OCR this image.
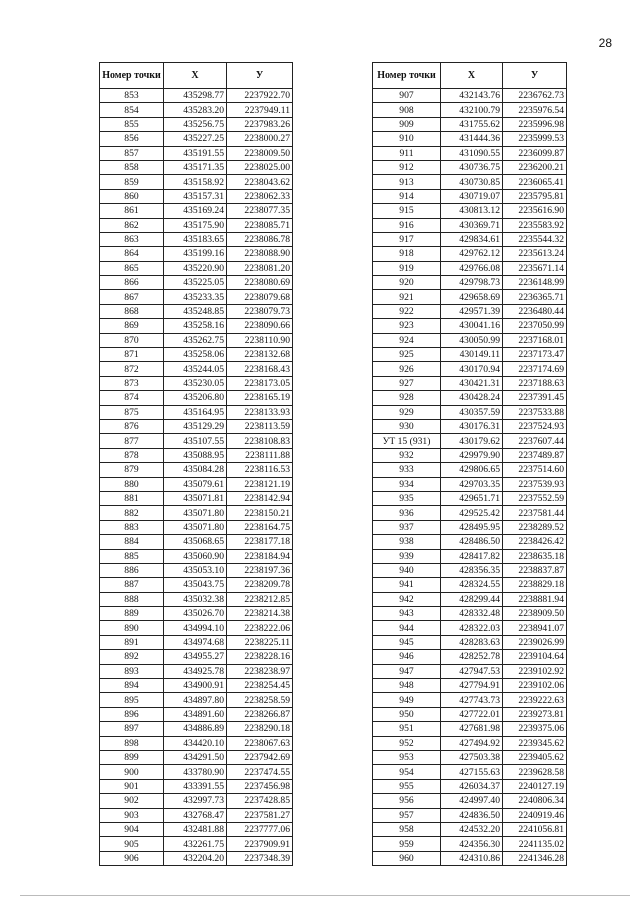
28
Номер точки	X	У
853	435298.77	2237922.70
854	435283.20	2237949.11
855	435256.75	2237983.26
856	435227.25	2238000.27
857	435191.55	2238009.50
858	435171.35	2238025.00
859	435158.92	2238043.62
860	435157.31	2238062.33
861	435169.24	2238077.35
862	435175.90	2238085.71
863	435183.65	2238086.78
864	435199.16	2238088.90
865	435220.90	2238081.20
866	435225.05	2238080.69
867	435233.35	2238079.68
868	435248.85	2238079.73
869	435258.16	2238090.66
870	435262.75	2238110.90
871	435258.06	2238132.68
872	435244.05	2238168.43
873	435230.05	2238173.05
874	435206.80	2238165.19
875	435164.95	2238133.93
876	435129.29	2238113.59
877	435107.55	2238108.83
878	435088.95	2238111.88
879	435084.28	2238116.53
880	435079.61	2238121.19
881	435071.81	2238142.94
882	435071.80	2238150.21
883	435071.80	2238164.75
884	435068.65	2238177.18
885	435060.90	2238184.94
886	435053.10	2238197.36
887	435043.75	2238209.78
888	435032.38	2238212.85
889	435026.70	2238214.38
890	434994.10	2238222.06
891	434974.68	2238225.11
892	434955.27	2238228.16
893	434925.78	2238238.97
894	434900.91	2238254.45
895	434897.80	2238258.59
896	434891.60	2238266.87
897	434886.89	2238290.18
898	434420.10	2238067.63
899	434291.50	2237942.69
900	433780.90	2237474.55
901	433391.55	2237456.98
902	432997.73	2237428.85
903	432768.47	2237581.27
904	432481.88	2237777.06
905	432261.75	2237909.91
906	432204.20	2237348.39
Номер точки	X	У
907	432143.76	2236762.73
908	432100.79	2235976.54
909	431755.62	2235996.98
910	431444.36	2235999.53
911	431090.55	2236099.87
912	430736.75	2236200.21
913	430730.85	2236065.41
914	430719.07	2235795.81
915	430813.12	2235616.90
916	430369.71	2235583.92
917	429834.61	2235544.32
918	429762.12	2235613.24
919	429766.08	2235671.14
920	429798.73	2236148.99
921	429658.69	2236365.71
922	429571.39	2236480.44
923	430041.16	2237050.99
924	430050.99	2237168.01
925	430149.11	2237173.47
926	430170.94	2237174.69
927	430421.31	2237188.63
928	430428.24	2237391.45
929	430357.59	2237533.88
930	430176.31	2237524.93
УТ 15 (931)	430179.62	2237607.44
932	429979.90	2237489.87
933	429806.65	2237514.60
934	429703.35	2237539.93
935	429651.71	2237552.59
936	429525.42	2237581.44
937	428495.95	2238289.52
938	428486.50	2238426.42
939	428417.82	2238635.18
940	428356.35	2238837.87
941	428324.55	2238829.18
942	428299.44	2238881.94
943	428332.48	2238909.50
944	428322.03	2238941.07
945	428283.63	2239026.99
946	428252.78	2239104.64
947	427947.53	2239102.92
948	427794.91	2239102.06
949	427743.73	2239222.63
950	427722.01	2239273.81
951	427681.98	2239375.06
952	427494.92	2239345.62
953	427503.38	2239405.62
954	427155.63	2239628.58
955	426034.37	2240127.19
956	424997.40	2240806.34
957	424836.50	2240919.46
958	424532.20	2241056.81
959	424356.30	2241135.02
960	424310.86	2241346.28
